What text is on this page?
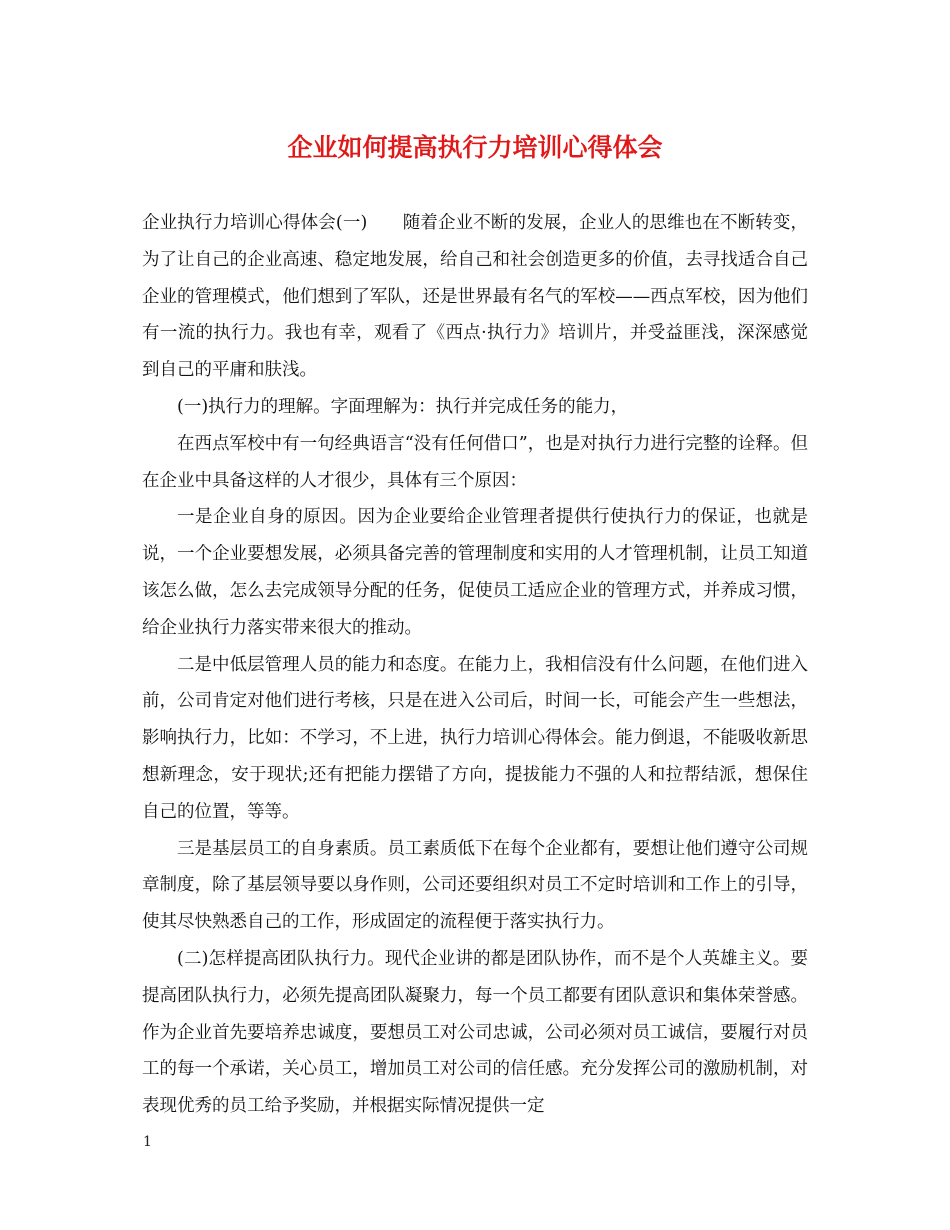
企业如何提高执行力培训心得体会

企业执行力培训心得体会(一)　　随着企业不断的发展，企业人的思维也在不断转变，为了让自己的企业高速、稳定地发展，给自己和社会创造更多的价值，去寻找适合自己企业的管理模式，他们想到了军队，还是世界最有名气的军校——西点军校，因为他们有一流的执行力。我也有幸，观看了《西点·执行力》培训片，并受益匪浅，深深感觉到自己的平庸和肤浅。

(一)执行力的理解。字面理解为：执行并完成任务的能力，

在西点军校中有一句经典语言“没有任何借口”，也是对执行力进行完整的诠释。但在企业中具备这样的人才很少，具体有三个原因：

一是企业自身的原因。因为企业要给企业管理者提供行使执行力的保证，也就是说，一个企业要想发展，必须具备完善的管理制度和实用的人才管理机制，让员工知道该怎么做，怎么去完成领导分配的任务，促使员工适应企业的管理方式，并养成习惯，给企业执行力落实带来很大的推动。

二是中低层管理人员的能力和态度。在能力上，我相信没有什么问题，在他们进入前，公司肯定对他们进行考核，只是在进入公司后，时间一长，可能会产生一些想法，影响执行力，比如：不学习，不上进，执行力培训心得体会。能力倒退，不能吸收新思想新理念，安于现状;还有把能力摆错了方向，提拔能力不强的人和拉帮结派，想保住自己的位置，等等。

三是基层员工的自身素质。员工素质低下在每个企业都有，要想让他们遵守公司规章制度，除了基层领导要以身作则，公司还要组织对员工不定时培训和工作上的引导，使其尽快熟悉自己的工作，形成固定的流程便于落实执行力。

(二)怎样提高团队执行力。现代企业讲的都是团队协作，而不是个人英雄主义。要提高团队执行力，必须先提高团队凝聚力，每一个员工都要有团队意识和集体荣誉感。作为企业首先要培养忠诚度，要想员工对公司忠诚，公司必须对员工诚信，要履行对员工的每一个承诺，关心员工，增加员工对公司的信任感。充分发挥公司的激励机制，对表现优秀的员工给予奖励，并根据实际情况提供一定

1
